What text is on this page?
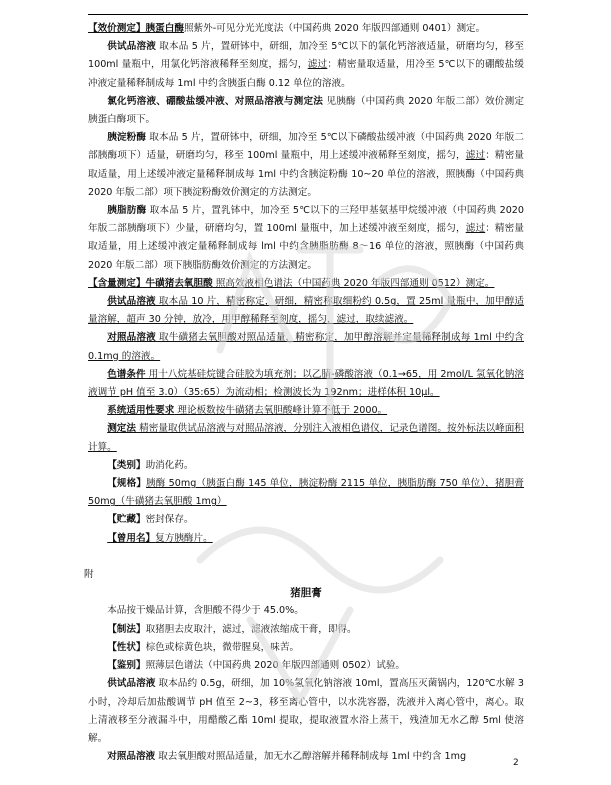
【效价测定】胰蛋白酶照紫外-可见分光光度法（中国药典 2020 年版四部通则 0401）测定。

供试品溶液 取本品 5 片，置研钵中，研细，加冷至 5℃以下的氯化钙溶液适量，研磨均匀，移至 100ml 量瓶中，用氯化钙溶液稀释至刻度，摇匀，滤过：精密量取适量，用冷至 5℃以下的硼酸盐缓冲液定量稀释制成每 1ml 中约含胰蛋白酶 0.12 单位的溶液。

氯化钙溶液、硼酸盐缓冲液、对照品溶液与测定法 见胰酶（中国药典 2020 年版二部）效价测定胰蛋白酶项下。

胰淀粉酶 取本品 5 片，置研钵中，研细，加冷至 5℃以下磷酸盐缓冲液（中国药典 2020 年版二部胰酶项下）适量，研磨均匀，移至 100ml 量瓶中，用上述缓冲液稀释至刻度，摇匀，滤过：精密量取适量，用上述缓冲液定量稀释制成每 1ml 中约含胰淀粉酶 10~20 单位的溶液，照胰酶（中国药典 2020 年版二部）项下胰淀粉酶效价测定的方法测定。

胰脂肪酶 取本品 5 片，置乳钵中，加冷至 5℃以下的三羟甲基氨基甲烷缓冲液（中国药典 2020 年版二部胰酶项下）少量，研磨均匀，置 100ml 量瓶中，加上述缓冲液至刻度，摇匀，滤过：精密量取适量，用上述缓冲液定量稀释制成每 lml 中约含胰脂肪酶 8～16 单位的溶液，照胰酶（中国药典 2020 年版二部）项下胰脂肪酶效价测定的方法测定。

【含量测定】牛磺猪去氧胆酸 照高效液相色谱法（中国药典 2020 年版四部通则 0512）测定。

供试品溶液 取本品 10 片，精密称定，研细，精密称取细粉约 0.5g，置 25ml 量瓶中，加甲醇适量溶解，超声 30 分钟，放冷，用甲醇稀释至刻度，摇匀，滤过，取续滤液。

对照品溶液 取牛磺猪去氧胆酸对照品适量，精密称定，加甲醇溶解并定量稀释制成每 1ml 中约含 0.1mg 的溶液。

色谱条件 用十八烷基硅烷键合硅胶为填充剂；以乙腈-磷酸溶液（0.1→65，用 2mol/L 氢氧化钠溶液调节 pH 值至 3.0）（35:65）为流动相；检测波长为 192nm；进样体积 10μl。

系统适用性要求 理论板数按牛磺猪去氧胆酸峰计算不低于 2000。

测定法 精密量取供试品溶液与对照品溶液，分别注入液相色谱仪，记录色谱图。按外标法以峰面积计算。

【类别】助消化药。

【规格】胰酶 50mg（胰蛋白酶 145 单位，胰淀粉酶 2115 单位，胰脂肪酶 750 单位），猪胆膏 50mg（牛磺猪去氧胆酸 1mg）

【贮藏】密封保存。

【曾用名】复方胰酶片。

附

猪胆膏

本品按干燥品计算，含胆酸不得少于 45.0%。

【制法】取猪胆去皮取汁，滤过，滤液浓缩成干膏，即得。

【性状】棕色或棕黄色块，微带腥臭，味苦。

【鉴别】照薄层色谱法（中国药典 2020 年版四部通则 0502）试验。

供试品溶液 取本品约 0.5g，研细，加 10%氢氧化钠溶液 10ml，置高压灭菌锅内，120℃水解 3 小时，冷却后加盐酸调节 pH 值至 2~3，移至离心管中，以水洗容器，洗液并入离心管中，离心。取上清液移至分液漏斗中，用醋酸乙酯 10ml 提取，提取液置水浴上蒸干，残渣加无水乙醇 5ml 使溶解。

对照品溶液 取去氧胆酸对照品适量，加无水乙醇溶解并稀释制成每 1ml 中约含 1mg

2
